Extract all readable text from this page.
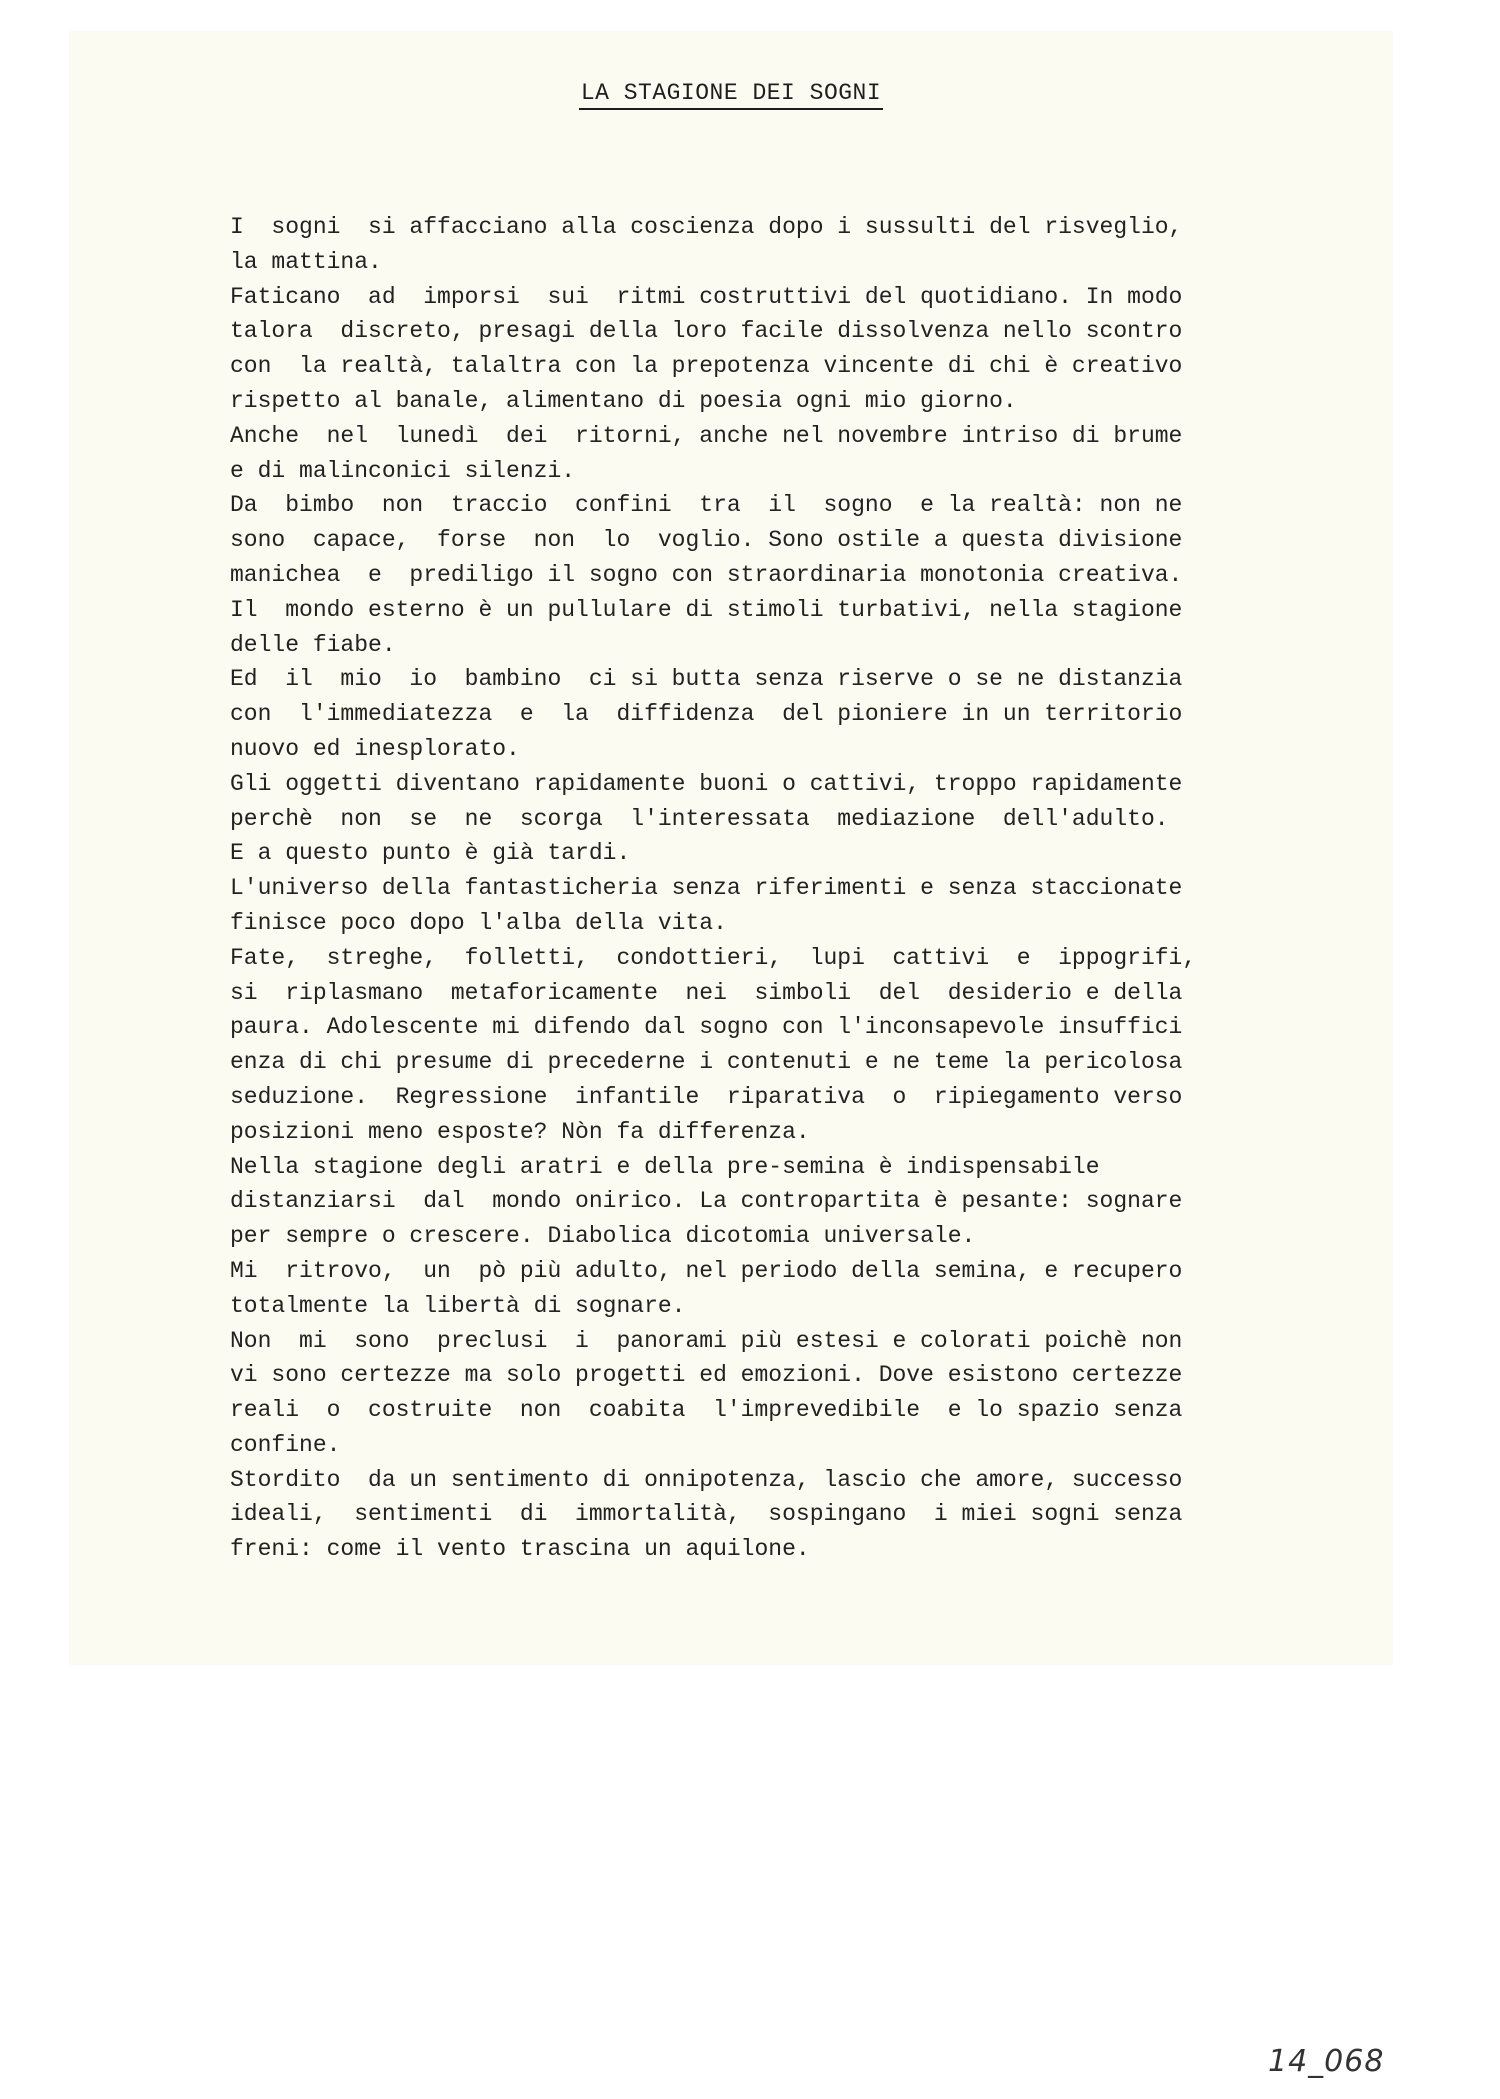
LA STAGIONE DEI SOGNI
I  sogni  si affacciano alla coscienza dopo i sussulti del risveglio,
la mattina.
Faticano  ad  imporsi  sui  ritmi costruttivi del quotidiano. In modo
talora  discreto, presagi della loro facile dissolvenza nello scontro
con  la realtà, talaltra con la prepotenza vincente di chi è creativo
rispetto al banale, alimentano di poesia ogni mio giorno.
Anche  nel  lunedì  dei  ritorni, anche nel novembre intriso di brume
e di malinconici silenzi.
Da  bimbo  non  traccio  confini  tra  il  sogno  e la realtà: non ne
sono  capace,  forse  non  lo  voglio. Sono ostile a questa divisione
manichea  e  prediligo il sogno con straordinaria monotonia creativa.
Il  mondo esterno è un pullulare di stimoli turbativi, nella stagione
delle fiabe.
Ed  il  mio  io  bambino  ci si butta senza riserve o se ne distanzia
con  l'immediatezza  e  la  diffidenza  del pioniere in un territorio
nuovo ed inesplorato.
Gli oggetti diventano rapidamente buoni o cattivi, troppo rapidamente
perchè  non  se  ne  scorga  l'interessata  mediazione  dell'adulto.
E a questo punto è già tardi.
L'universo della fantasticheria senza riferimenti e senza staccionate
finisce poco dopo l'alba della vita.
Fate,  streghe,  folletti,  condottieri,  lupi  cattivi  e  ippogrifi,
si  riplasmano  metaforicamente  nei  simboli  del  desiderio e della
paura. Adolescente mi difendo dal sogno con l'inconsapevole insuffici
enza di chi presume di precederne i contenuti e ne teme la pericolosa
seduzione.  Regressione  infantile  riparativa  o  ripiegamento verso
posizioni meno esposte? Nòn fa differenza.
Nella stagione degli aratri e della pre-semina è indispensabile
distanziarsi  dal  mondo onirico. La contropartita è pesante: sognare
per sempre o crescere. Diabolica dicotomia universale.
Mi  ritrovo,  un  pò più adulto, nel periodo della semina, e recupero
totalmente la libertà di sognare.
Non  mi  sono  preclusi  i  panorami più estesi e colorati poichè non
vi sono certezze ma solo progetti ed emozioni. Dove esistono certezze
reali  o  costruite  non  coabita  l'imprevedibile  e lo spazio senza
confine.
Stordito  da un sentimento di onnipotenza, lascio che amore, successo
ideali,  sentimenti  di  immortalità,  sospingano  i miei sogni senza
freni: come il vento trascina un aquilone.
14_068
